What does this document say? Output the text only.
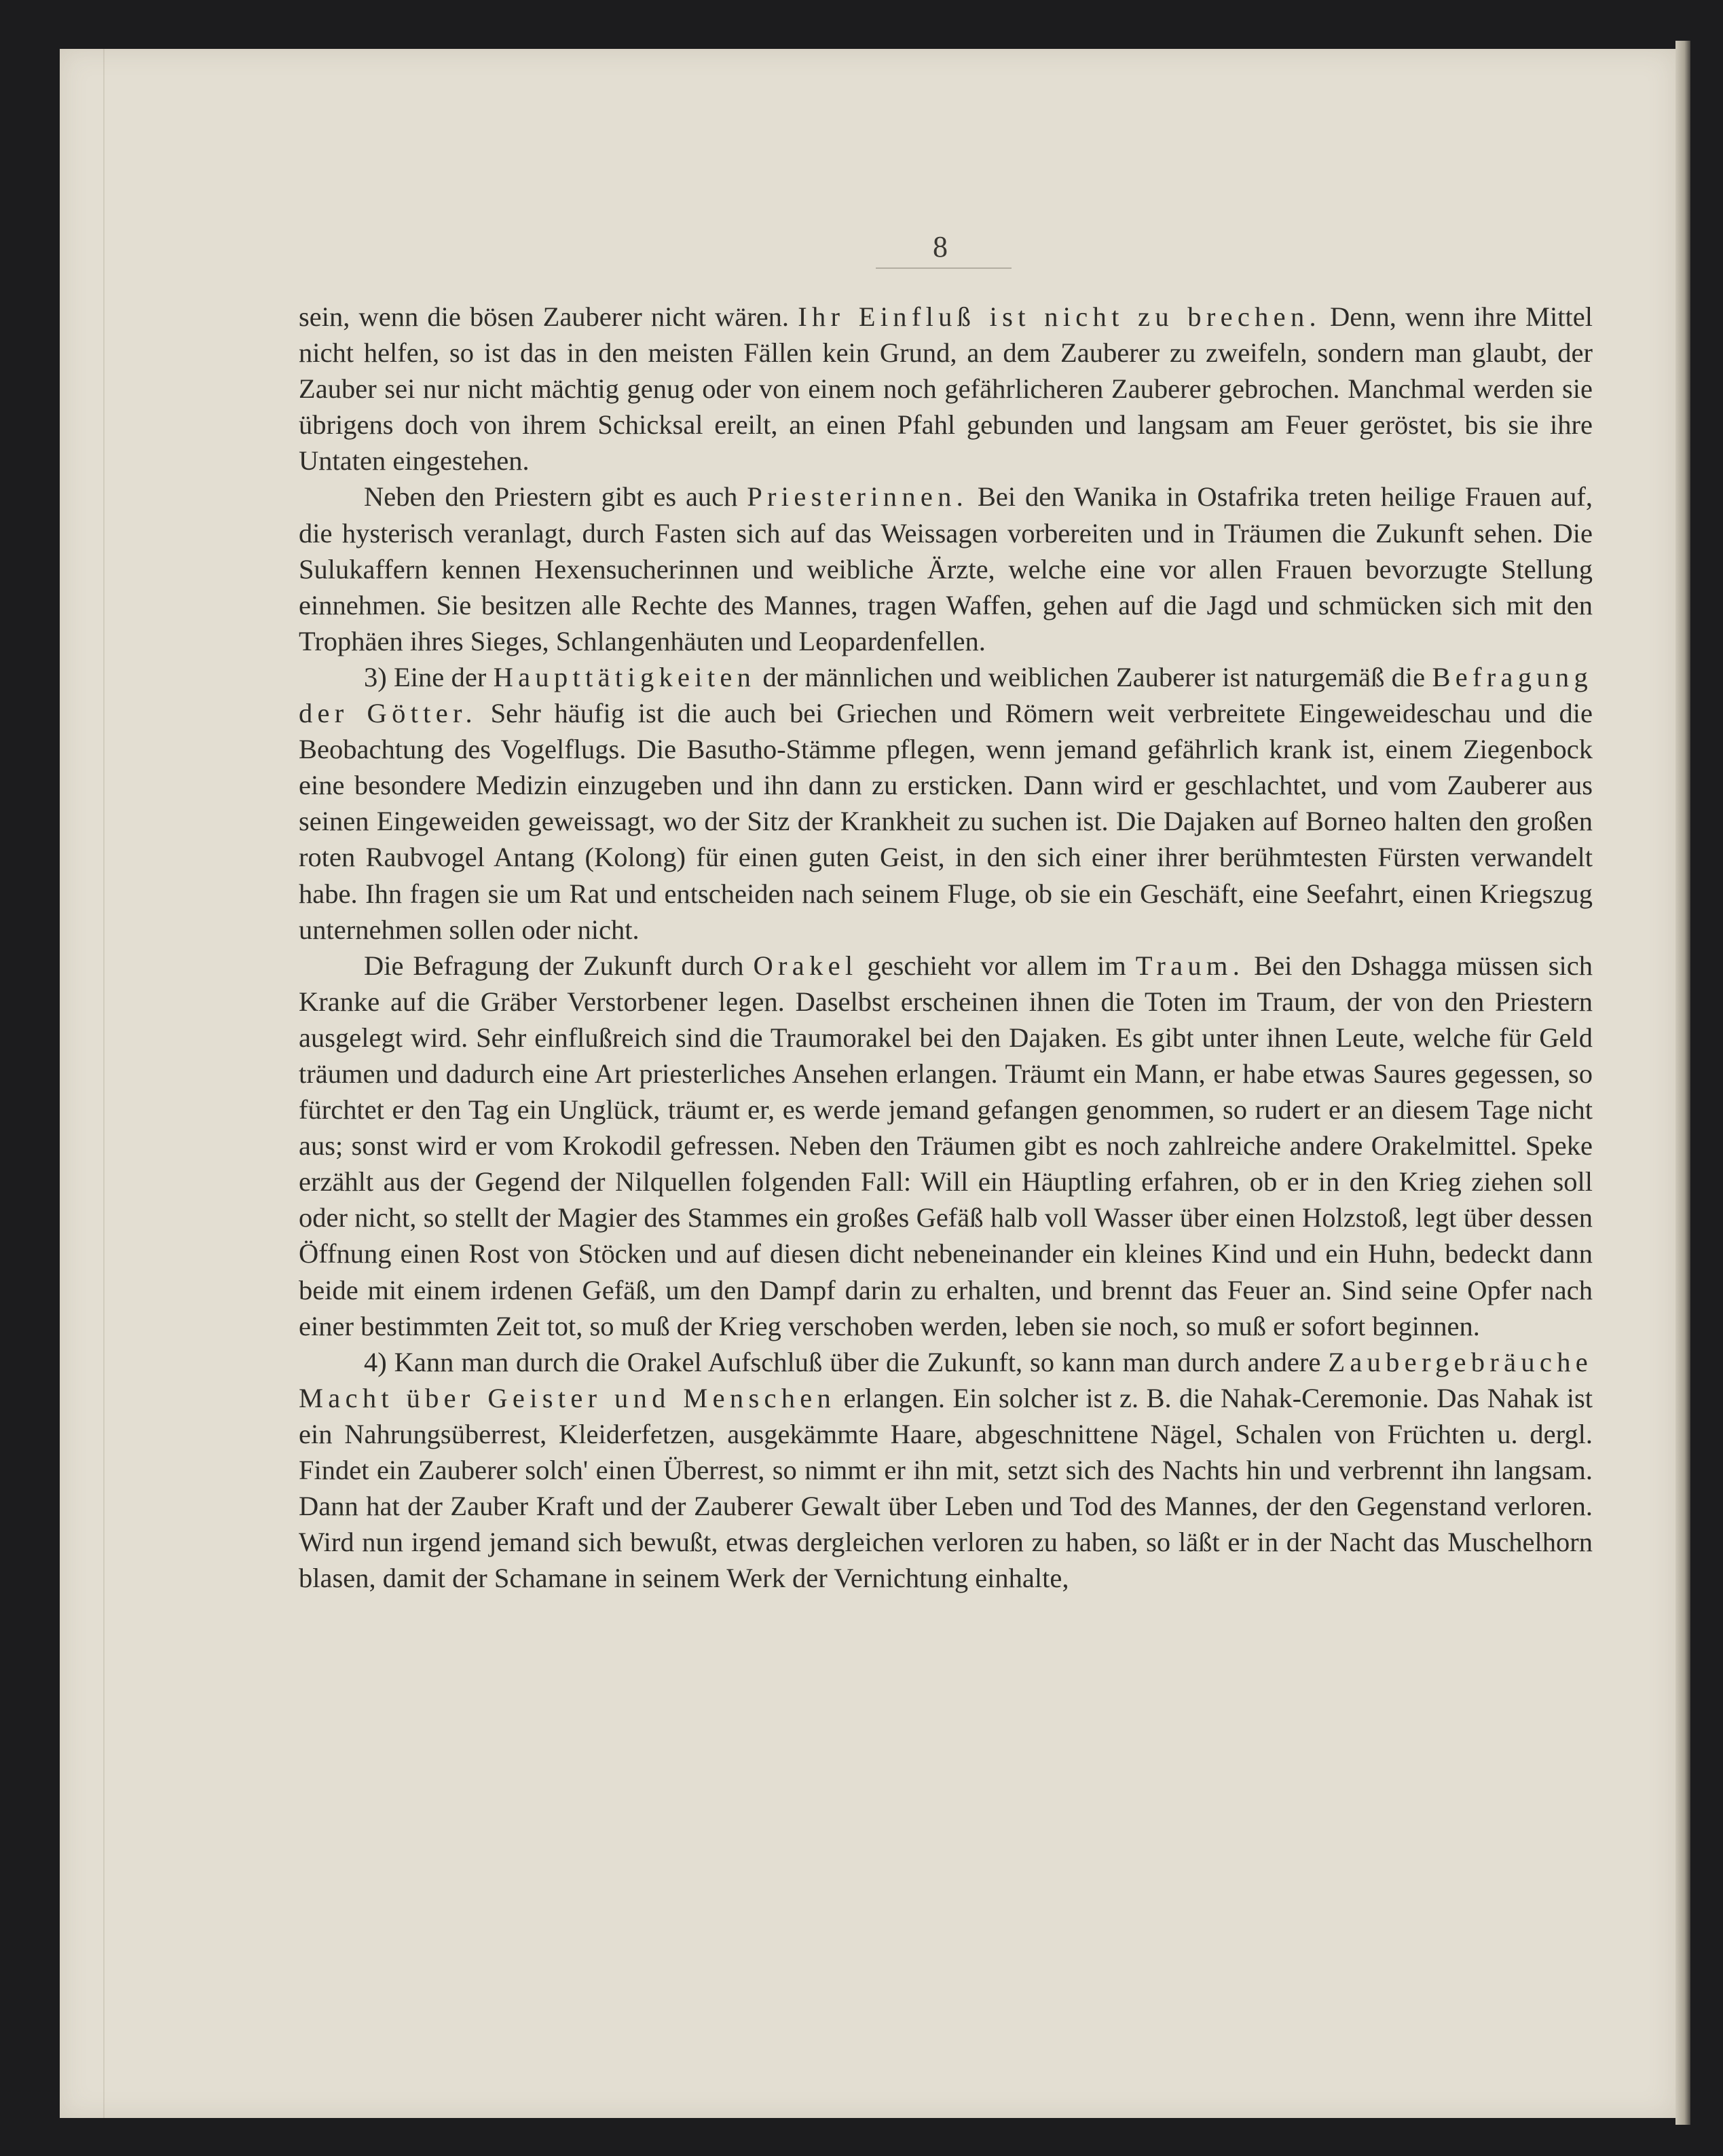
8

sein, wenn die bösen Zauberer nicht wären. Ihr Einfluß ist nicht zu brechen. Denn, wenn ihre Mittel nicht helfen, so ist das in den meisten Fällen kein Grund, an dem Zauberer zu zweifeln, sondern man glaubt, der Zauber sei nur nicht mächtig genug oder von einem noch gefährlicheren Zauberer gebrochen. Manchmal werden sie übrigens doch von ihrem Schicksal ereilt, an einen Pfahl gebunden und langsam am Feuer geröstet, bis sie ihre Untaten eingestehen.

Neben den Priestern gibt es auch Priesterinnen. Bei den Wanika in Ostafrika treten heilige Frauen auf, die hysterisch veranlagt, durch Fasten sich auf das Weissagen vorbereiten und in Träumen die Zukunft sehen. Die Sulukaffern kennen Hexensucherinnen und weibliche Ärzte, welche eine vor allen Frauen bevorzugte Stellung einnehmen. Sie besitzen alle Rechte des Mannes, tragen Waffen, gehen auf die Jagd und schmücken sich mit den Trophäen ihres Sieges, Schlangenhäuten und Leopardenfellen.

3) Eine der Haupttätigkeiten der männlichen und weiblichen Zauberer ist naturgemäß die Befragung der Götter. Sehr häufig ist die auch bei Griechen und Römern weit verbreitete Eingeweideschau und die Beobachtung des Vogelflugs. Die Basutho-Stämme pflegen, wenn jemand gefährlich krank ist, einem Ziegenbock eine besondere Medizin einzugeben und ihn dann zu ersticken. Dann wird er geschlachtet, und vom Zauberer aus seinen Eingeweiden geweissagt, wo der Sitz der Krankheit zu suchen ist. Die Dajaken auf Borneo halten den großen roten Raubvogel Antang (Kolong) für einen guten Geist, in den sich einer ihrer berühmtesten Fürsten verwandelt habe. Ihn fragen sie um Rat und entscheiden nach seinem Fluge, ob sie ein Geschäft, eine Seefahrt, einen Kriegszug unternehmen sollen oder nicht.

Die Befragung der Zukunft durch Orakel geschieht vor allem im Traum. Bei den Dshagga müssen sich Kranke auf die Gräber Verstorbener legen. Daselbst erscheinen ihnen die Toten im Traum, der von den Priestern ausgelegt wird. Sehr einflußreich sind die Traumorakel bei den Dajaken. Es gibt unter ihnen Leute, welche für Geld träumen und dadurch eine Art priesterliches Ansehen erlangen. Träumt ein Mann, er habe etwas Saures gegessen, so fürchtet er den Tag ein Unglück, träumt er, es werde jemand gefangen genommen, so rudert er an diesem Tage nicht aus; sonst wird er vom Krokodil gefressen. Neben den Träumen gibt es noch zahlreiche andere Orakelmittel. Speke erzählt aus der Gegend der Nilquellen folgenden Fall: Will ein Häuptling erfahren, ob er in den Krieg ziehen soll oder nicht, so stellt der Magier des Stammes ein großes Gefäß halb voll Wasser über einen Holzstoß, legt über dessen Öffnung einen Rost von Stöcken und auf diesen dicht nebeneinander ein kleines Kind und ein Huhn, bedeckt dann beide mit einem irdenen Gefäß, um den Dampf darin zu erhalten, und brennt das Feuer an. Sind seine Opfer nach einer bestimmten Zeit tot, so muß der Krieg verschoben werden, leben sie noch, so muß er sofort beginnen.

4) Kann man durch die Orakel Aufschluß über die Zukunft, so kann man durch andere Zaubergebräuche Macht über Geister und Menschen erlangen. Ein solcher ist z. B. die Nahak-Ceremonie. Das Nahak ist ein Nahrungsüberrest, Kleiderfetzen, ausgekämmte Haare, abgeschnittene Nägel, Schalen von Früchten u. dergl. Findet ein Zauberer solch' einen Überrest, so nimmt er ihn mit, setzt sich des Nachts hin und verbrennt ihn langsam. Dann hat der Zauber Kraft und der Zauberer Gewalt über Leben und Tod des Mannes, der den Gegenstand verloren. Wird nun irgend jemand sich bewußt, etwas dergleichen verloren zu haben, so läßt er in der Nacht das Muschelhorn blasen, damit der Schamane in seinem Werk der Vernichtung einhalte,
